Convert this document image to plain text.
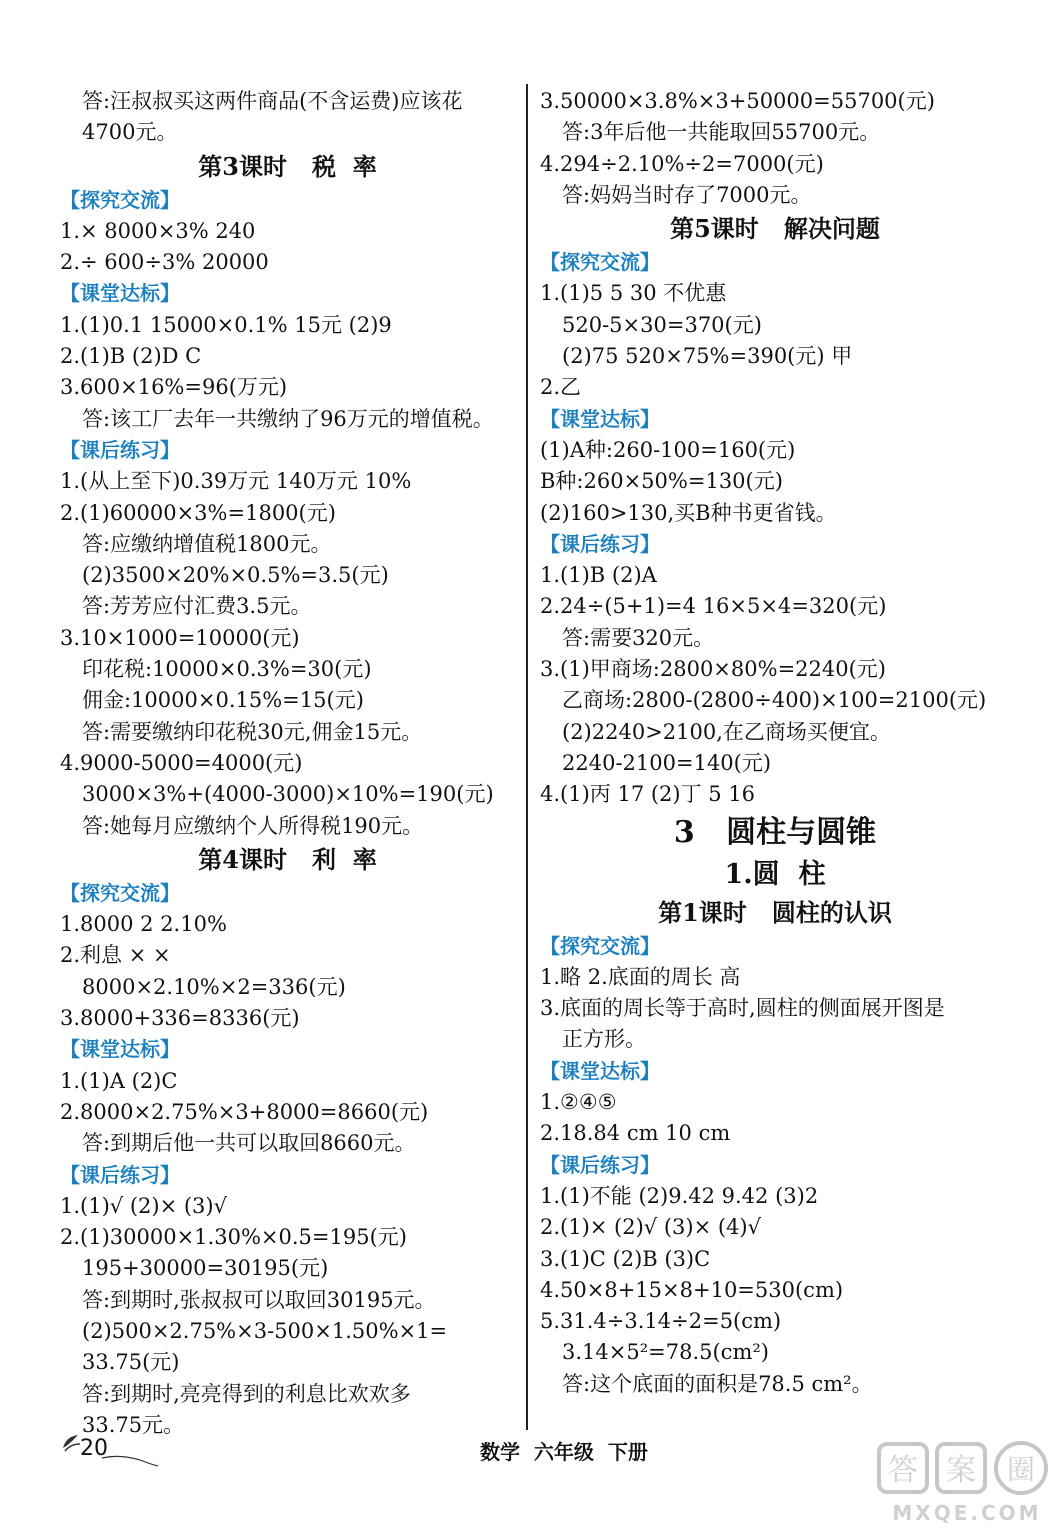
答:汪叔叔买这两件商品(不含运费)应该花
4700元。
第3课时   税  率
【探究交流】
1.× 8000×3% 240
2.÷ 600÷3% 20000
【课堂达标】
1.(1)0.1 15000×0.1% 15元 (2)9
2.(1)B (2)D C
3.600×16%=96(万元)
答:该工厂去年一共缴纳了96万元的增值税。
【课后练习】
1.(从上至下)0.39万元 140万元 10%
2.(1)60000×3%=1800(元)
答:应缴纳增值税1800元。
(2)3500×20%×0.5%=3.5(元)
答:芳芳应付汇费3.5元。
3.10×1000=10000(元)
印花税:10000×0.3%=30(元)
佣金:10000×0.15%=15(元)
答:需要缴纳印花税30元,佣金15元。
4.9000-5000=4000(元)
3000×3%+(4000-3000)×10%=190(元)
答:她每月应缴纳个人所得税190元。
第4课时   利  率
【探究交流】
1.8000 2 2.10%
2.利息 × ×
8000×2.10%×2=336(元)
3.8000+336=8336(元)
【课堂达标】
1.(1)A (2)C
2.8000×2.75%×3+8000=8660(元)
答:到期后他一共可以取回8660元。
【课后练习】
1.(1)√ (2)× (3)√
2.(1)30000×1.30%×0.5=195(元)
195+30000=30195(元)
答:到期时,张叔叔可以取回30195元。
(2)500×2.75%×3-500×1.50%×1=
33.75(元)
答:到期时,亮亮得到的利息比欢欢多
33.75元。
3.50000×3.8%×3+50000=55700(元)
答:3年后他一共能取回55700元。
4.294÷2.10%÷2=7000(元)
答:妈妈当时存了7000元。
第5课时   解决问题
【探究交流】
1.(1)5 5 30 不优惠
520-5×30=370(元)
(2)75 520×75%=390(元) 甲
2.乙
【课堂达标】
(1)A种:260-100=160(元)
B种:260×50%=130(元)
(2)160>130,买B种书更省钱。
【课后练习】
1.(1)B (2)A
2.24÷(5+1)=4 16×5×4=320(元)
答:需要320元。
3.(1)甲商场:2800×80%=2240(元)
乙商场:2800-(2800÷400)×100=2100(元)
(2)2240>2100,在乙商场买便宜。
2240-2100=140(元)
4.(1)丙 17 (2)丁 5 16
3   圆柱与圆锥
1.圆  柱
第1课时   圆柱的认识
【探究交流】
1.略 2.底面的周长 高
3.底面的周长等于高时,圆柱的侧面展开图是
正方形。
【课堂达标】
1.②④⑤
2.18.84 cm 10 cm
【课后练习】
1.(1)不能 (2)9.42 9.42 (3)2
2.(1)× (2)√ (3)× (4)√
3.(1)C (2)B (3)C
4.50×8+15×8+10=530(cm)
5.31.4÷3.14÷2=5(cm)
3.14×5²=78.5(cm²)
答:这个底面的面积是78.5 cm²。
20	数学  六年级  下册
答 案 圈
MXQE.COM
